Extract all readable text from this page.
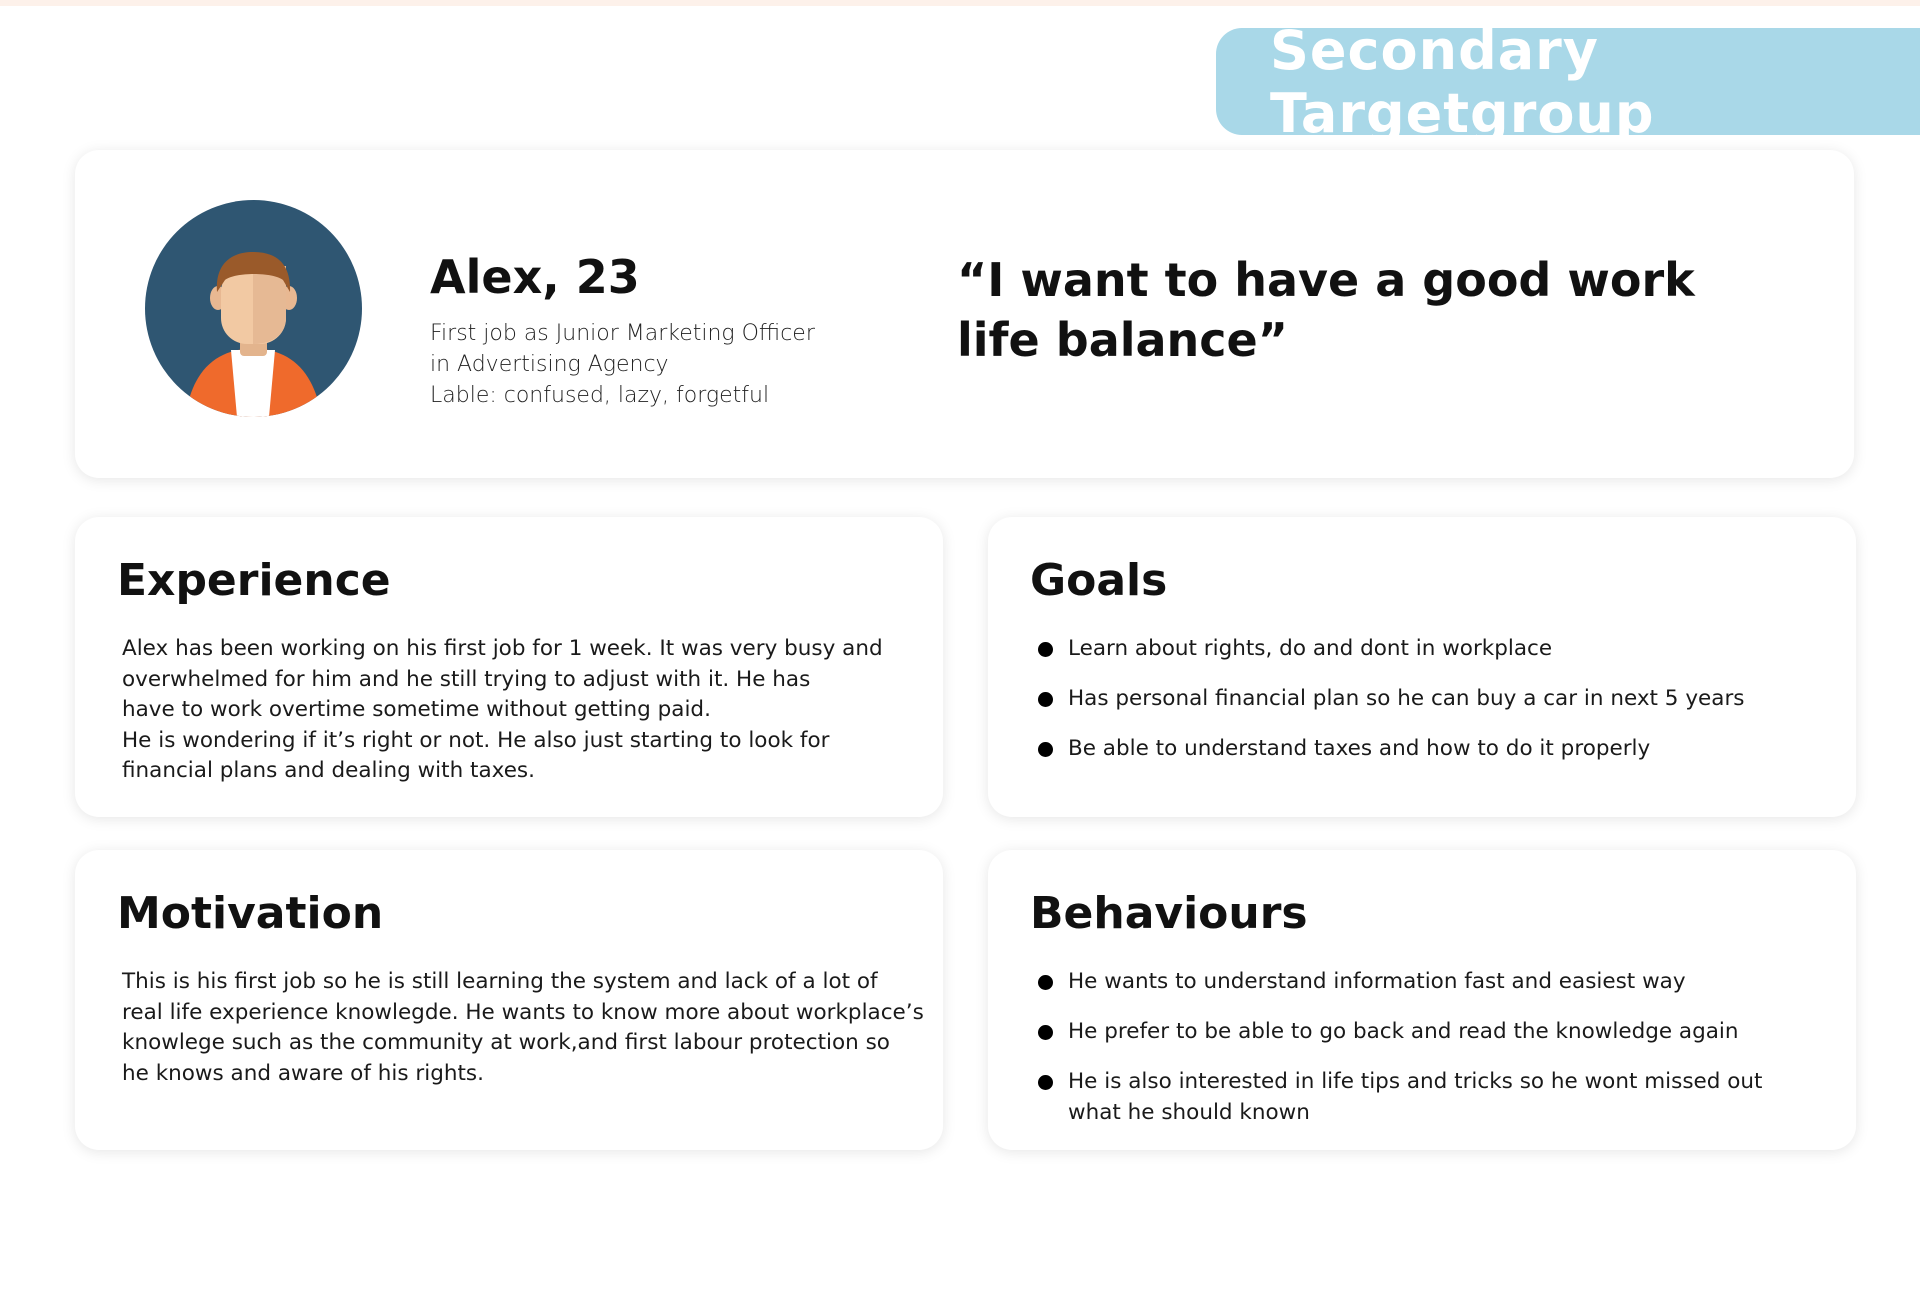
Secondary Targetgroup
Alex, 23
First job as Junior Marketing Officer
in Advertising Agency
Lable: confused, lazy, forgetful

“I want to have a good work life balance”

Experience
Alex has been working on his first job for 1 week. It was very busy and
overwhelmed for him and he still trying to adjust with it. He has
have to work overtime sometime without getting paid.
He is wondering if it’s right or not. He also just starting to look for
financial plans and dealing with taxes.
Goals
Learn about rights, do and dont in workplace
Has personal financial plan so he can buy a car in next 5 years
Be able to understand taxes and how to do it properly
Motivation
This is his first job so he is still learning the system and lack of a lot of
real life experience knowlegde. He wants to know more about workplace’s
knowlege such as the community at work,and first labour protection so
he knows and aware of his rights.
Behaviours
He wants to understand information fast and easiest way
He prefer to be able to go back and read the knowledge again
He is also interested in life tips and tricks so he wont missed out
what he should known
